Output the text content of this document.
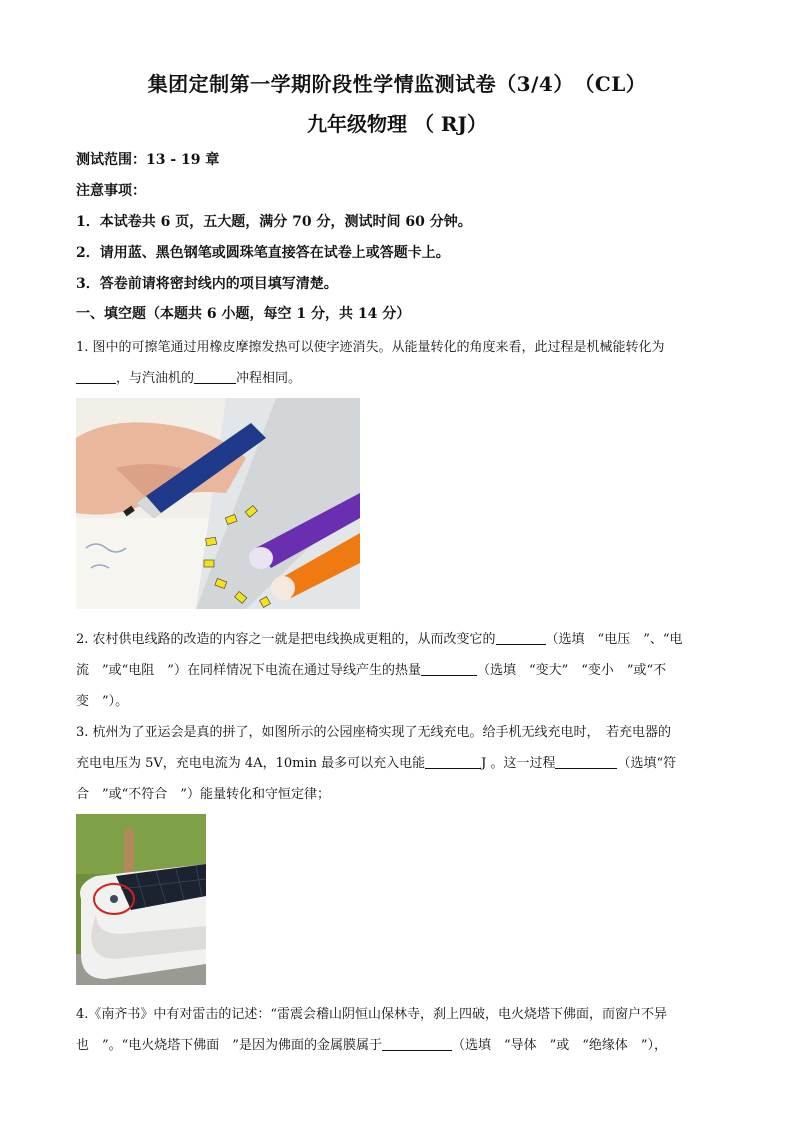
集团定制第一学期阶段性学情监测试卷（3/4）　（CL）
九年级物理 （ RJ）
测试范围：13 - 19 章
注意事项：
1．本试卷共 6 页，五大题，满分 70 分，测试时间 60 分钟。
2．请用蓝、黑色钢笔或圆珠笔直接答在试卷上或答题卡上。
3．答卷前请将密封线内的项目填写清楚。
一、填空题（本题共 6 小题，每空 1 分，共 14 分）
1. 图中的可擦笔通过用橡皮摩擦发热可以使字迹消失。从能量转化的角度来看，此过程是机械能转化为
，与汽油机的	冲程相同。
2. 农村供电线路的改造的内容之一就是把电线换成更粗的，从而改变它的	（选填　“电压　”、“电
流　”或“电阻　”）在同样情况下电流在通过导线产生的热量	（选填　“变大”　“变小　”或“不
变　”）。
3. 杭州为了亚运会是真的拼了，如图所示的公园座椅实现了无线充电。给手机无线充电时，　若充电器的
充电电压为 5V，充电电流为 4A，10min 最多可以充入电能	J 。这一过程	（选填“符
合　”或“不符合　”）能量转化和守恒定律；
4.《南齐书》中有对雷击的记述：“雷震会稽山阴恒山保林寺，刹上四破，电火烧塔下佛面，而窗户不异
也　”。“电火烧塔下佛面　”是因为佛面的金属膜属于	（选填　“导体　”或　“绝缘体　”），
